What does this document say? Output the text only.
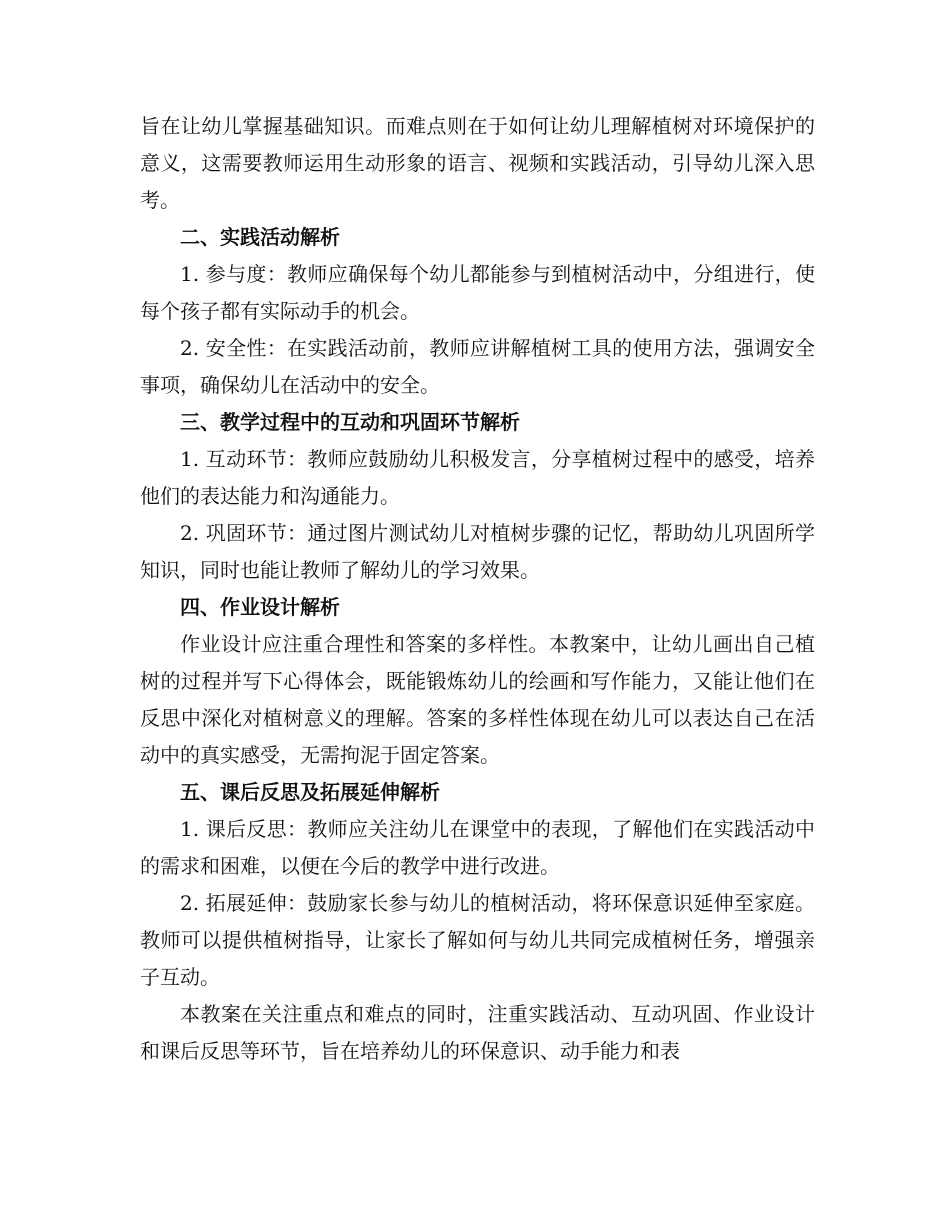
旨在让幼儿掌握基础知识。而难点则在于如何让幼儿理解植树对环境保护的意义，这需要教师运用生动形象的语言、视频和实践活动，引导幼儿深入思考。

二、实践活动解析

1. 参与度：教师应确保每个幼儿都能参与到植树活动中，分组进行，使每个孩子都有实际动手的机会。

2. 安全性：在实践活动前，教师应讲解植树工具的使用方法，强调安全事项，确保幼儿在活动中的安全。

三、教学过程中的互动和巩固环节解析

1. 互动环节：教师应鼓励幼儿积极发言，分享植树过程中的感受，培养他们的表达能力和沟通能力。

2. 巩固环节：通过图片测试幼儿对植树步骤的记忆，帮助幼儿巩固所学知识，同时也能让教师了解幼儿的学习效果。

四、作业设计解析

作业设计应注重合理性和答案的多样性。本教案中，让幼儿画出自己植树的过程并写下心得体会，既能锻炼幼儿的绘画和写作能力，又能让他们在反思中深化对植树意义的理解。答案的多样性体现在幼儿可以表达自己在活动中的真实感受，无需拘泥于固定答案。

五、课后反思及拓展延伸解析

1. 课后反思：教师应关注幼儿在课堂中的表现，了解他们在实践活动中的需求和困难，以便在今后的教学中进行改进。

2. 拓展延伸：鼓励家长参与幼儿的植树活动，将环保意识延伸至家庭。教师可以提供植树指导，让家长了解如何与幼儿共同完成植树任务，增强亲子互动。

本教案在关注重点和难点的同时，注重实践活动、互动巩固、作业设计和课后反思等环节，旨在培养幼儿的环保意识、动手能力和表
